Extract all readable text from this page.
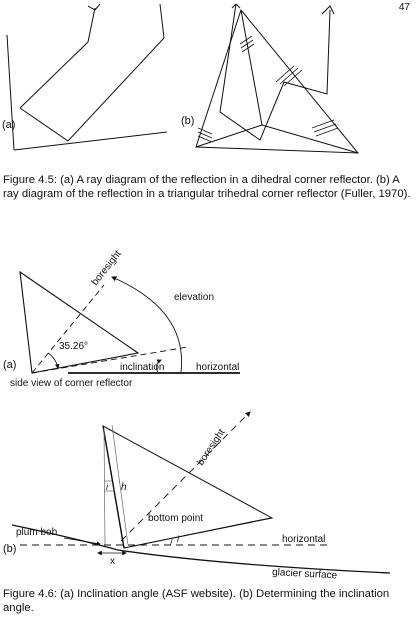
47
(a)	(b)
Figure 4.5: (a) A ray diagram of the reflection in a dihedral corner reflector. (b) A ray diagram of the reflection in a triangular trihedral corner reflector (Fuller, 1970).
boresight
elevation
35.26°
inclination	horizontal
(a)
side view of corner reflector
boresight
h
i
i
bottom point
plum bob
x
horizontal
glacier surface
(b)
Figure 4.6: (a) Inclination angle (ASF website). (b) Determining the inclination angle.
